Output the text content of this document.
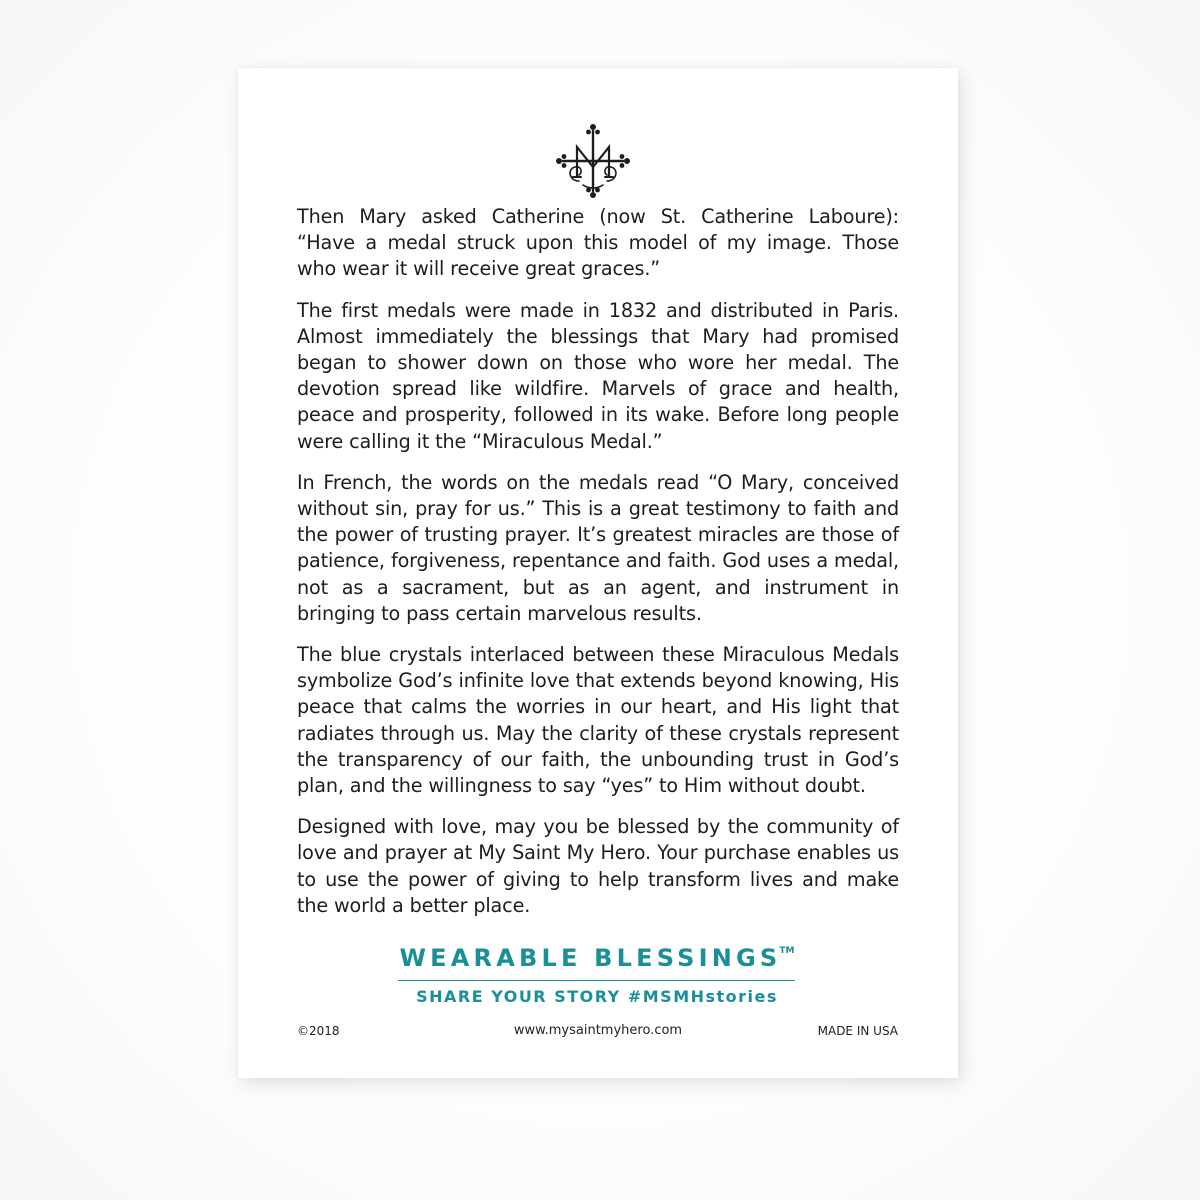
Then Mary asked Catherine (now St. Catherine Laboure): “Have a medal struck upon this model of my image. Those who wear it will receive great graces.”

The first medals were made in 1832 and distributed in Paris. Almost immediately the blessings that Mary had promised began to shower down on those who wore her medal. The devotion spread like wildfire. Marvels of grace and health, peace and prosperity, followed in its wake. Before long people were calling it the “Miraculous Medal.”

In French, the words on the medals read “O Mary, conceived without sin, pray for us.” This is a great testimony to faith and the power of trusting prayer. It’s greatest miracles are those of patience, forgiveness, repentance and faith. God uses a medal, not as a sacrament, but as an agent, and instrument in bringing to pass certain marvelous results.

The blue crystals interlaced between these Miraculous Medals symbolize God’s infinite love that extends beyond knowing, His peace that calms the worries in our heart, and His light that radiates through us. May the clarity of these crystals represent the transparency of our faith, the unbounding trust in God’s plan, and the willingness to say “yes” to Him without doubt.

Designed with love, may you be blessed by the community of love and prayer at My Saint My Hero. Your purchase enables us to use the power of giving to help transform lives and make the world a better place.

WEARABLE BLESSINGS™
SHARE YOUR STORY #MSMHstories
©2018	www.mysaintmyhero.com	MADE IN USA
